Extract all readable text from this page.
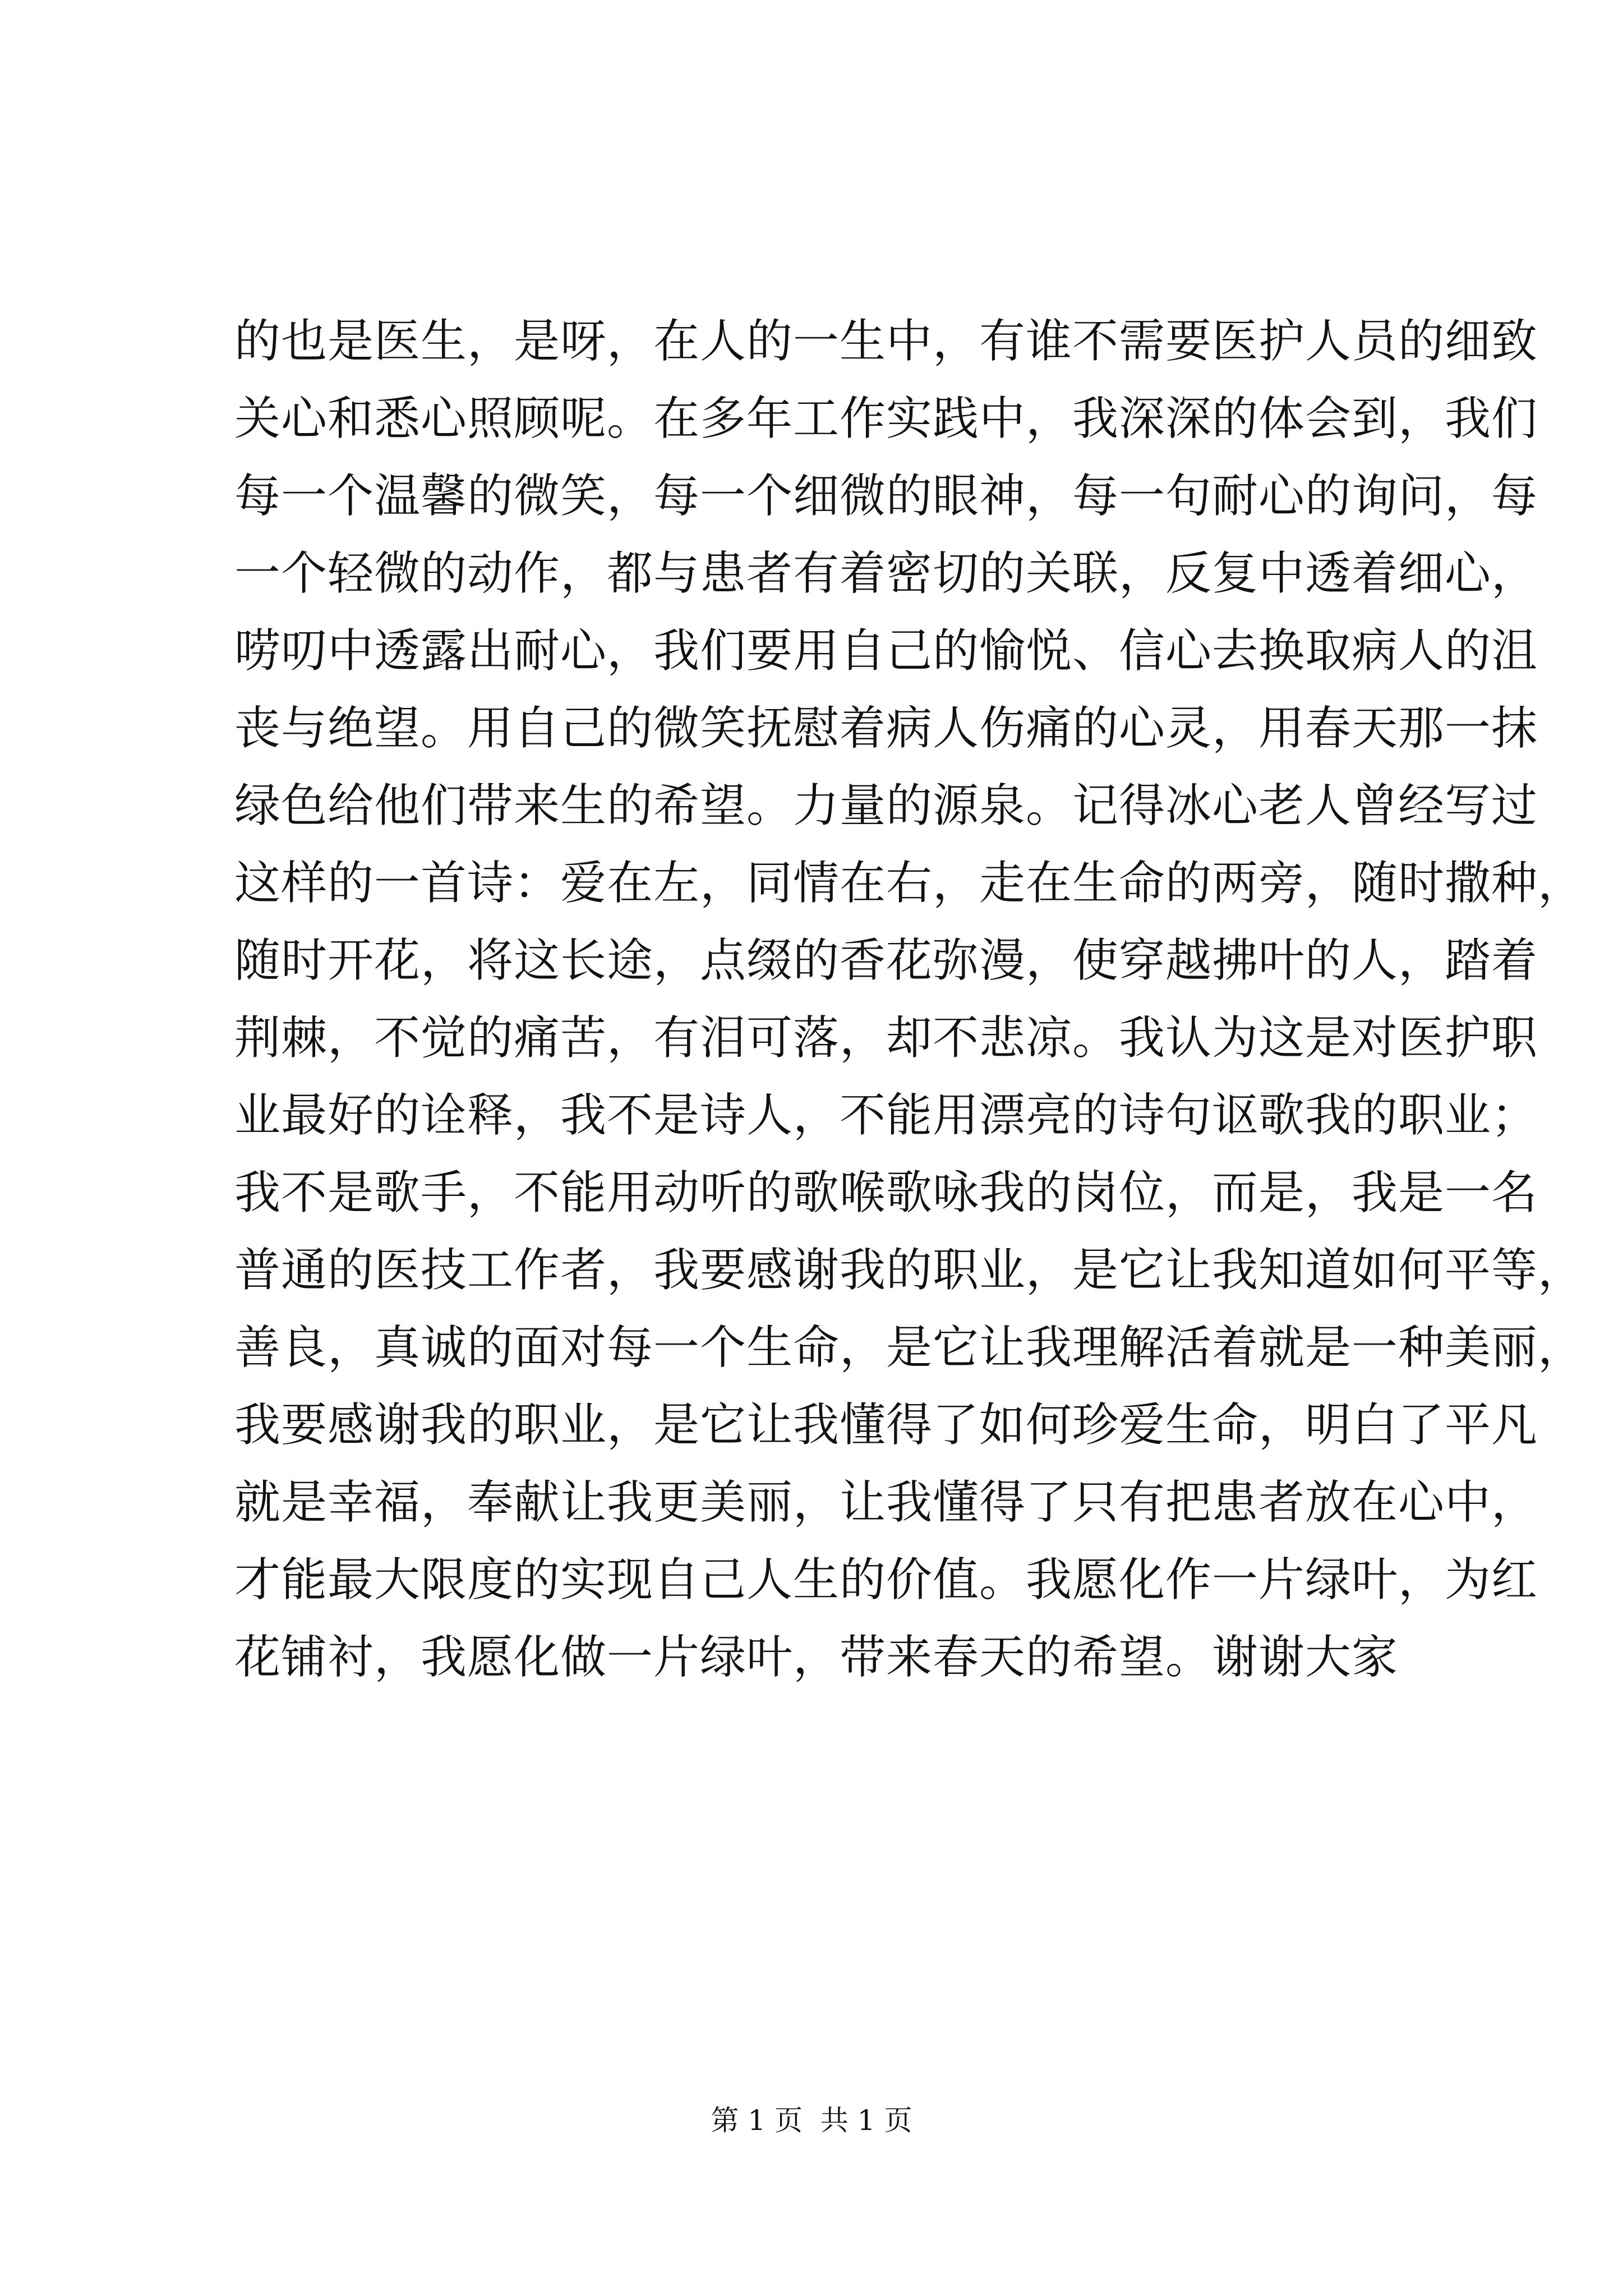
的也是医生，是呀，在人的一生中，有谁不需要医护人员的细致
关心和悉心照顾呢。在多年工作实践中，我深深的体会到，我们
每一个温馨的微笑，每一个细微的眼神，每一句耐心的询问，每
一个轻微的动作，都与患者有着密切的关联，反复中透着细心，
唠叨中透露出耐心，我们要用自己的愉悦、信心去换取病人的沮
丧与绝望。用自己的微笑抚慰着病人伤痛的心灵，用春天那一抹
绿色给他们带来生的希望。力量的源泉。记得冰心老人曾经写过
这样的一首诗：爱在左，同情在右，走在生命的两旁，随时撒种，
随时开花，将这长途，点缀的香花弥漫，使穿越拂叶的人，踏着
荆棘，不觉的痛苦，有泪可落，却不悲凉。我认为这是对医护职
业最好的诠释，我不是诗人，不能用漂亮的诗句讴歌我的职业；
我不是歌手，不能用动听的歌喉歌咏我的岗位，而是，我是一名
普通的医技工作者，我要感谢我的职业，是它让我知道如何平等，
善良，真诚的面对每一个生命，是它让我理解活着就是一种美丽，
我要感谢我的职业，是它让我懂得了如何珍爱生命，明白了平凡
就是幸福，奉献让我更美丽，让我懂得了只有把患者放在心中，
才能最大限度的实现自己人生的价值。我愿化作一片绿叶，为红
花铺衬，我愿化做一片绿叶，带来春天的希望。谢谢大家
第 1 页  共 1 页
